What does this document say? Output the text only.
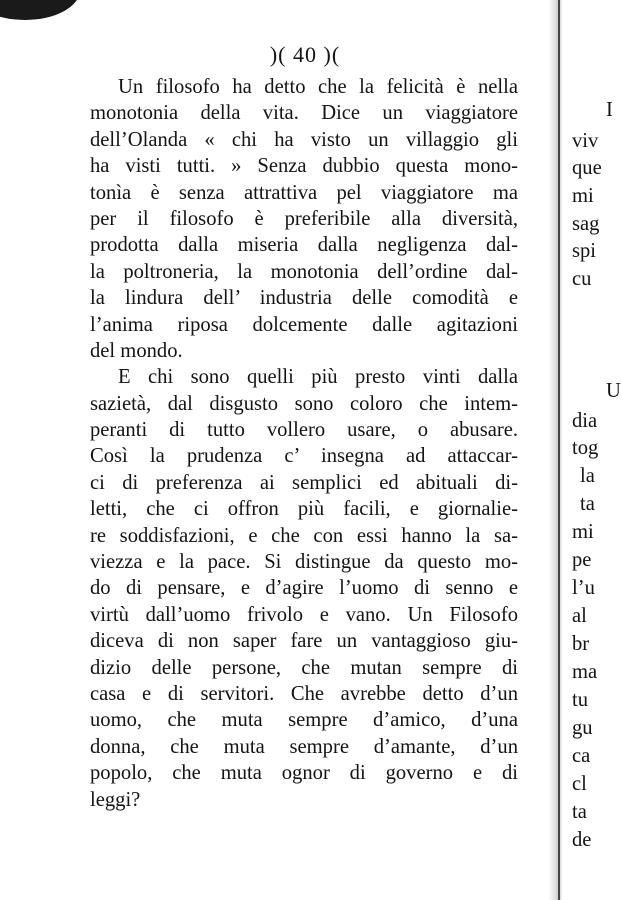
)( 40 )(
Un filosofo ha detto che la felicità è nella
monotonia della vita. Dice un viaggiatore
dell’Olanda « chi ha visto un villaggio gli
ha visti tutti. » Senza dubbio questa mono-
tonìa è senza attrattiva pel viaggiatore ma
per il filosofo è preferibile alla diversità,
prodotta dalla miseria dalla negligenza dal-
la poltroneria, la monotonia dell’ordine dal-
la lindura dell’ industria delle comodità e
l’anima riposa dolcemente dalle agitazioni
del mondo.
E chi sono quelli più presto vinti dalla
sazietà, dal disgusto sono coloro che intem-
peranti di tutto vollero usare, o abusare.
Così la prudenza c’ insegna ad attaccar-
ci di preferenza ai semplici ed abituali di-
letti, che ci offron più facili, e giornalie-
re soddisfazioni, e che con essi hanno la sa-
viezza e la pace. Si distingue da questo mo-
do di pensare, e d’agire l’uomo di senno e
virtù dall’uomo frivolo e vano. Un Filosofo
diceva di non saper fare un vantaggioso giu-
dizio delle persone, che mutan sempre di
casa e di servitori. Che avrebbe detto d’un
uomo, che muta sempre d’amico, d’una
donna, che muta sempre d’amante, d’un
popolo, che muta ognor di governo e di
leggi?
I
viv
que
mi
sag
spi
cu
U
dia
tog
la
ta
mi
pe
l’u
al
br
ma
tu
gu
ca
cl
ta
de
